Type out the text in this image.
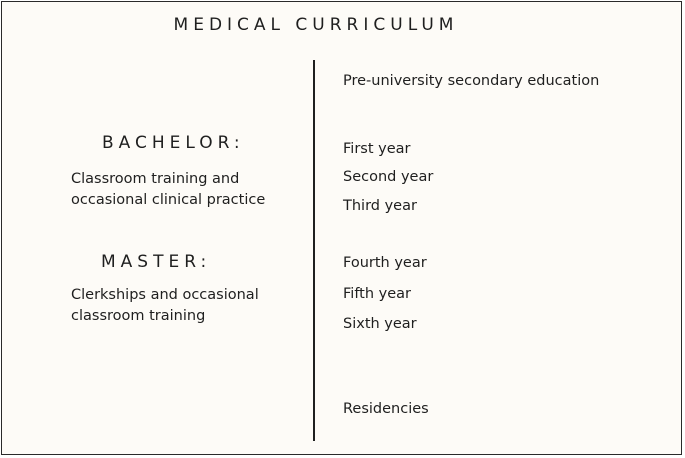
MEDICAL CURRICULUM
BACHELOR:
Classroom training and
occasional clinical practice
MASTER:
Clerkships and occasional
classroom training
Pre-university secondary education
First year
Second year
Third year
Fourth year
Fifth year
Sixth year
Residencies
